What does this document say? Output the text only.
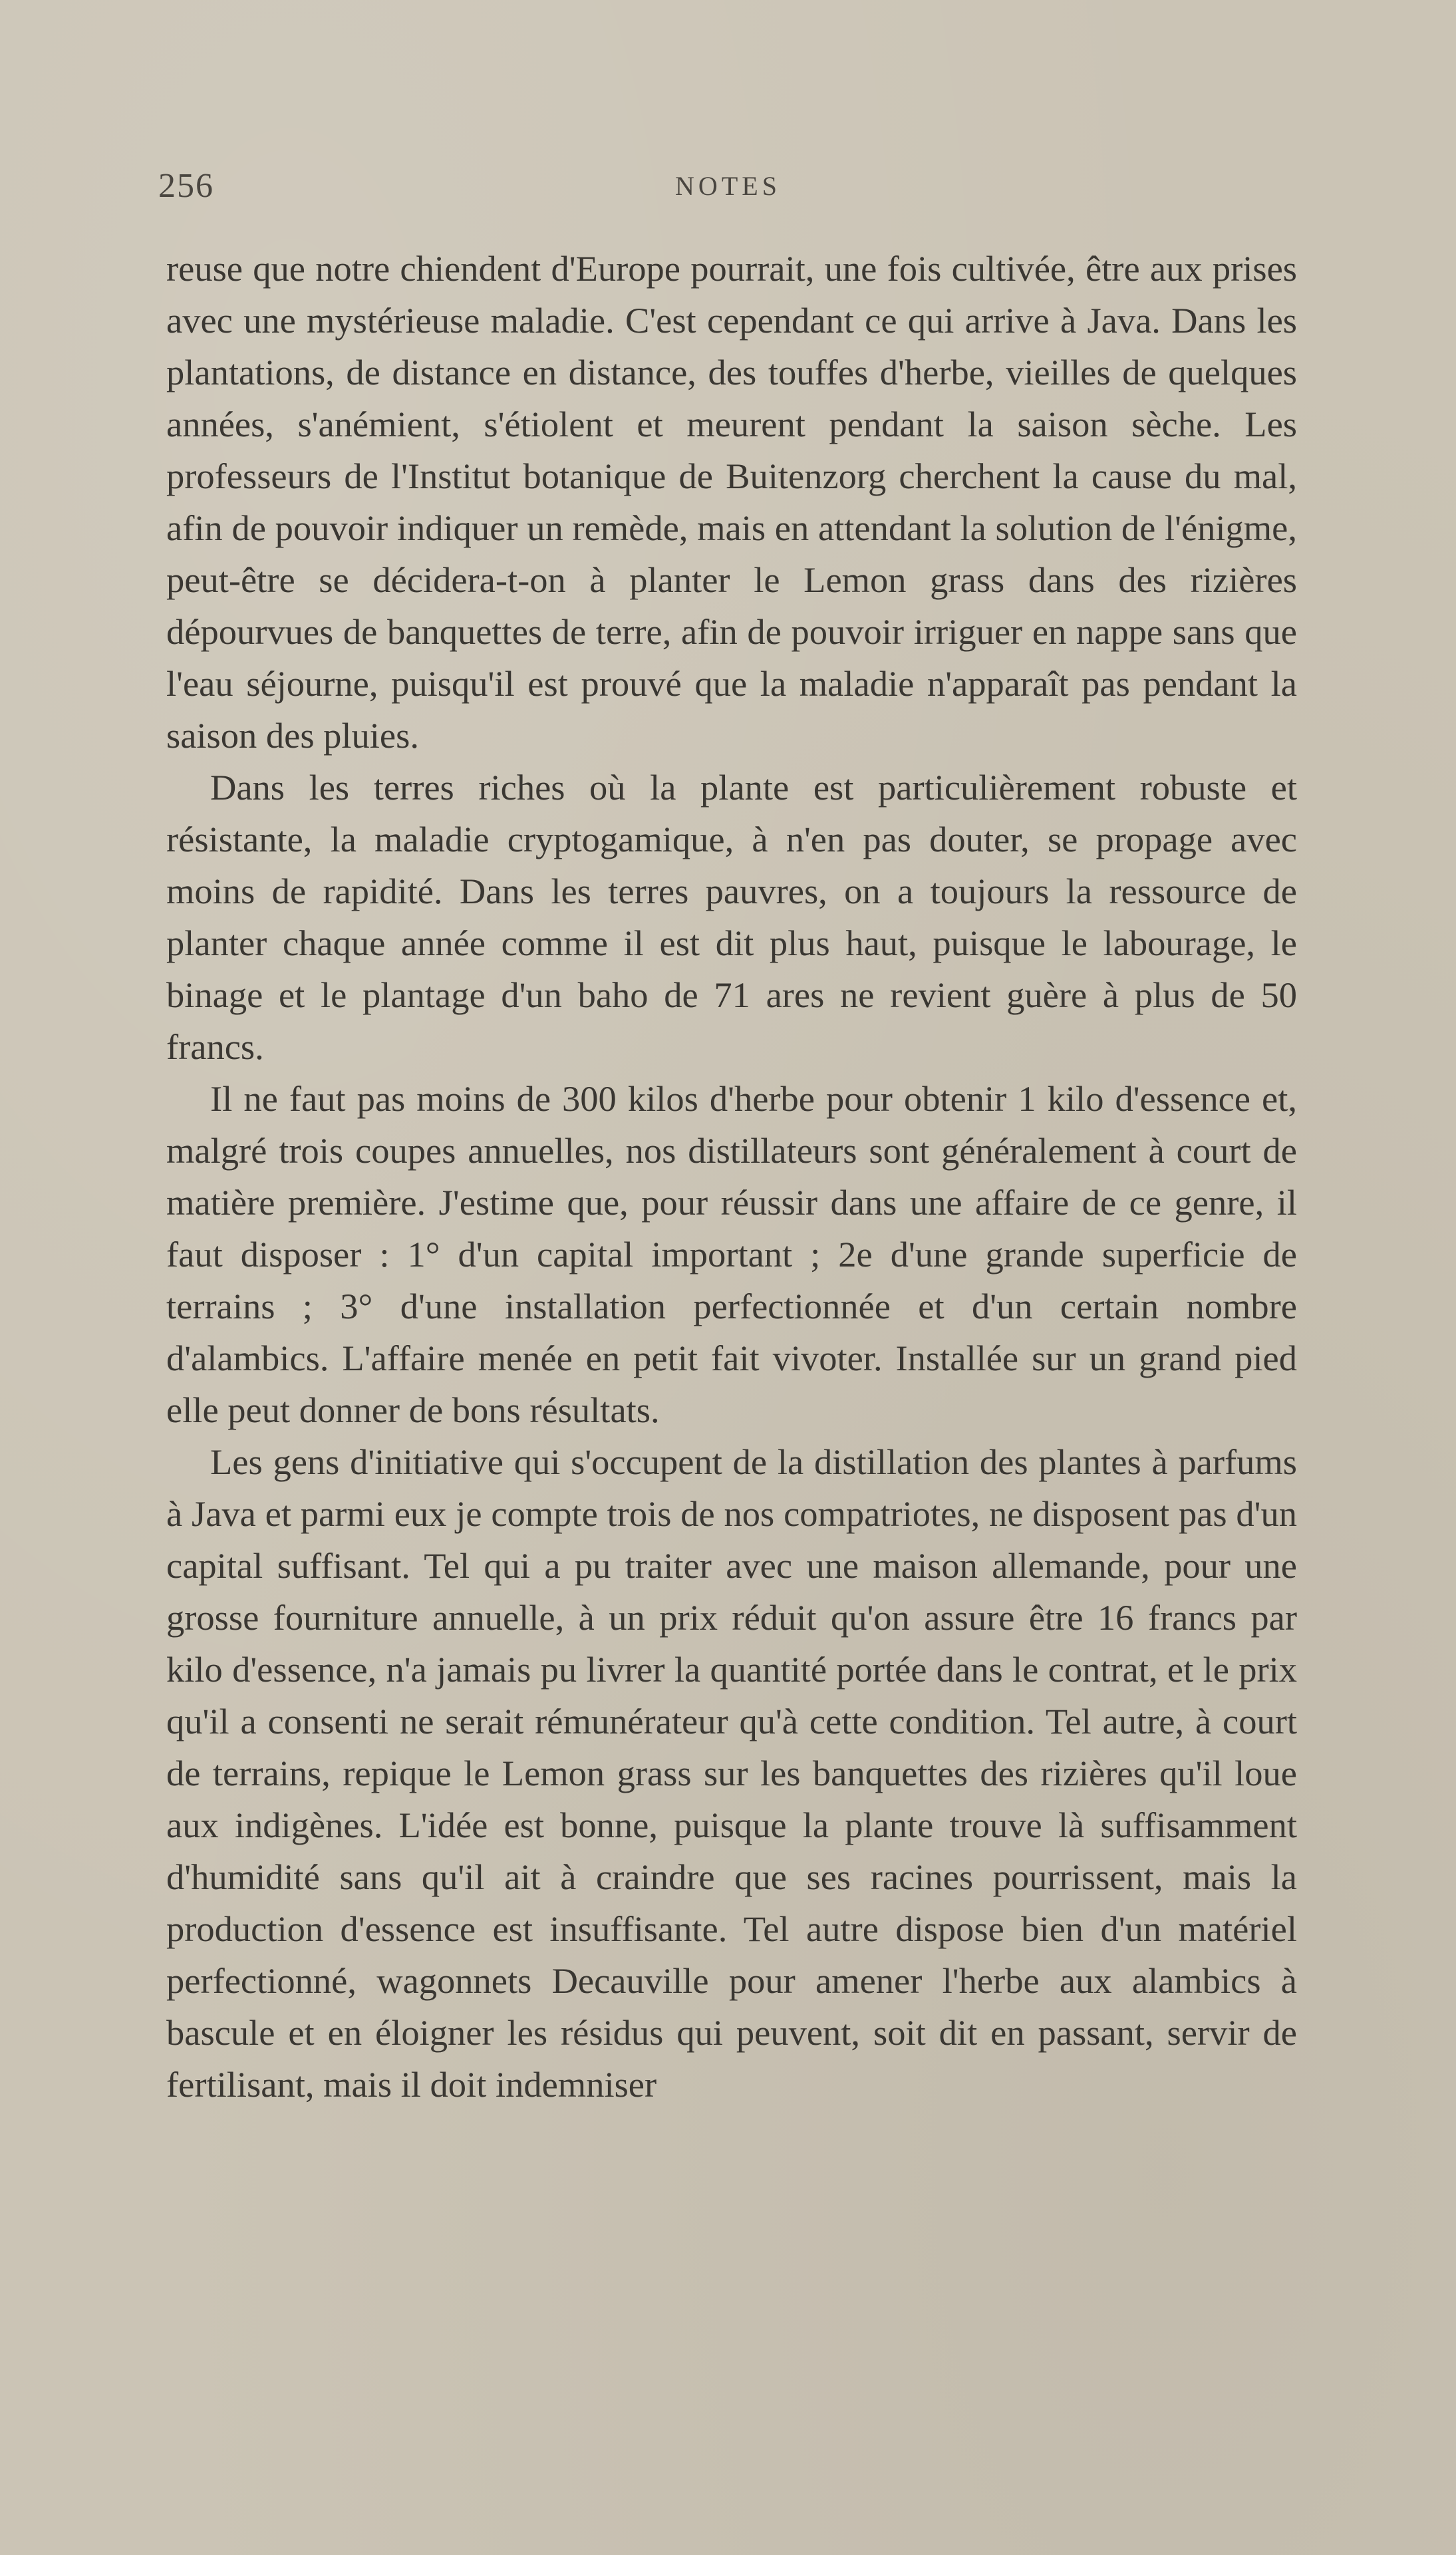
256	NOTES

reuse que notre chiendent d'Europe pourrait, une fois cultivée, être aux prises avec une mystérieuse maladie. C'est cependant ce qui arrive à Java. Dans les plantations, de distance en distance, des touffes d'herbe, vieilles de quelques années, s'anémient, s'étiolent et meurent pendant la saison sèche. Les professeurs de l'Institut botanique de Buitenzorg cherchent la cause du mal, afin de pouvoir indiquer un remède, mais en attendant la solution de l'énigme, peut-être se décidera-t-on à planter le Lemon grass dans des rizières dépourvues de banquettes de terre, afin de pouvoir irriguer en nappe sans que l'eau séjourne, puisqu'il est prouvé que la maladie n'apparaît pas pendant la saison des pluies.

Dans les terres riches où la plante est particulièrement robuste et résistante, la maladie cryptogamique, à n'en pas douter, se propage avec moins de rapidité. Dans les terres pauvres, on a toujours la ressource de planter chaque année comme il est dit plus haut, puisque le labourage, le binage et le plantage d'un baho de 71 ares ne revient guère à plus de 50 francs.

Il ne faut pas moins de 300 kilos d'herbe pour obtenir 1 kilo d'essence et, malgré trois coupes annuelles, nos distillateurs sont généralement à court de matière première. J'estime que, pour réussir dans une affaire de ce genre, il faut disposer : 1° d'un capital important ; 2e d'une grande superficie de terrains ; 3° d'une installation perfectionnée et d'un certain nombre d'alambics. L'affaire menée en petit fait vivoter. Installée sur un grand pied elle peut donner de bons résultats.

Les gens d'initiative qui s'occupent de la distillation des plantes à parfums à Java et parmi eux je compte trois de nos compatriotes, ne disposent pas d'un capital suffisant. Tel qui a pu traiter avec une maison allemande, pour une grosse fourniture annuelle, à un prix réduit qu'on assure être 16 francs par kilo d'essence, n'a jamais pu livrer la quantité portée dans le contrat, et le prix qu'il a consenti ne serait rémunérateur qu'à cette condition. Tel autre, à court de terrains, repique le Lemon grass sur les banquettes des rizières qu'il loue aux indigènes. L'idée est bonne, puisque la plante trouve là suffisamment d'humidité sans qu'il ait à craindre que ses racines pourrissent, mais la production d'essence est insuffisante. Tel autre dispose bien d'un matériel perfectionné, wagonnets Decauville pour amener l'herbe aux alambics à bascule et en éloigner les résidus qui peuvent, soit dit en passant, servir de fertilisant, mais il doit indemniser
